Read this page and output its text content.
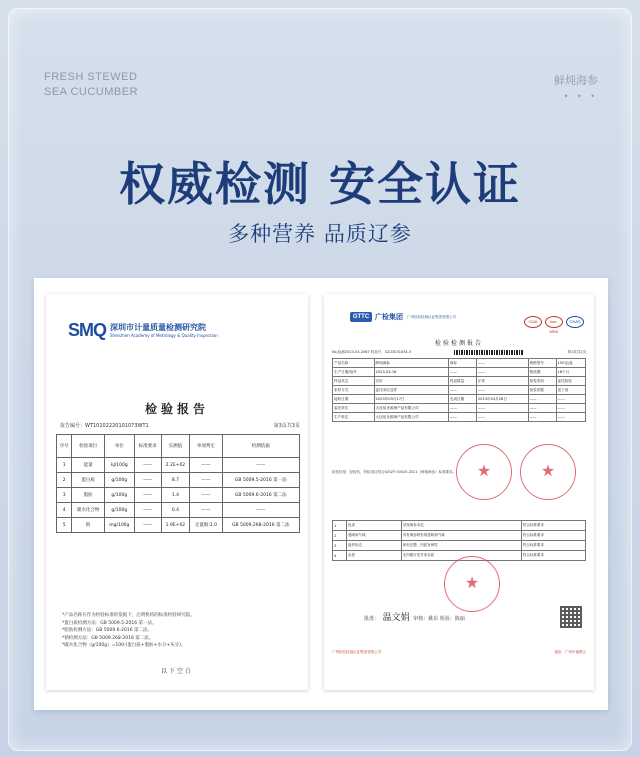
FRESH STEWED
SEA CUCUMBER
鲜炖海参
• • •
权威检测 安全认证
多种营养 品质辽参
SMQ 深圳市计量质量检测研究院
Shenzhen Academy of Metrology & Quality Inspection
检验报告
报告编号：WT10102220101073WT1	第3页共3页
序号	检验项目	单位	标准要求	实测值	单项判定	检测依据
1	能量	kJ/100g	——	2.2E+02	——	——
2	蛋白质	g/100g	——	8.7	——	GB 5009.5-2016 第一法
3	脂肪	g/100g	——	1.4	——	GB 5009.6-2016 第二法
4	碳水化合物	g/100g	——	0.4	——	——
5	钠	mg/100g	——	1.9E+02	定量限:1.0	GB 5009.268-2016 第二法
*产品名称在作为检验标准的依据下，注明机构的标准检验研究院。
*蛋白质检测方法：GB 5009.5-2016 第一法。
*脂肪检测方法：GB 5009.6-2016 第二法。
*钠检测方法：GB 5009.268-2016 第二法。
*碳水化合物（g/100g）=100-(蛋白质+脂肪+水分+灰分)。
以下空白
GTTC 广检集团 广州检验检测认证集团有限公司
CMA	ilac-MRA
CNAS
检验检测报告
No.检测2023-03-2067 样品号：GZ23031834-3	第1页共2页
产品名称	鲜炖海参	商标	——	规格型号	150克/盒
生产日期/批号	2023-03-16	——	——	保质期	18个月
样品状态	完好	样品数量	正常	检验类别	委托检验
来样方式	委托单位送样	——	——	检验依据	见下表
接收日期	2023年03月17日	完成日期	2023年03月28日	——	——
委托单位	大连佰圣源海产品有限公司	——	——	——	——
生产单位	大连佰圣源海产品有限公司	——	——	——	——
检验结论：经检验，所检项目符合Q/SZY 00025-2021《鲜炖海参》标准要求。
1	色泽	呈现海参本色	符合标准要求
2	滋味和气味	具有海参特有的滋味和气味	符合标准要求
3	组织形态	体形完整，肉质有弹性	符合标准要求
4	杂质	无肉眼可见外来杂质	符合标准要求
★
★
★
批准： 温文娟 审核：姚东 检验：陈丽
广州检验检测认证集团有限公司	地址：广州市番禺区
